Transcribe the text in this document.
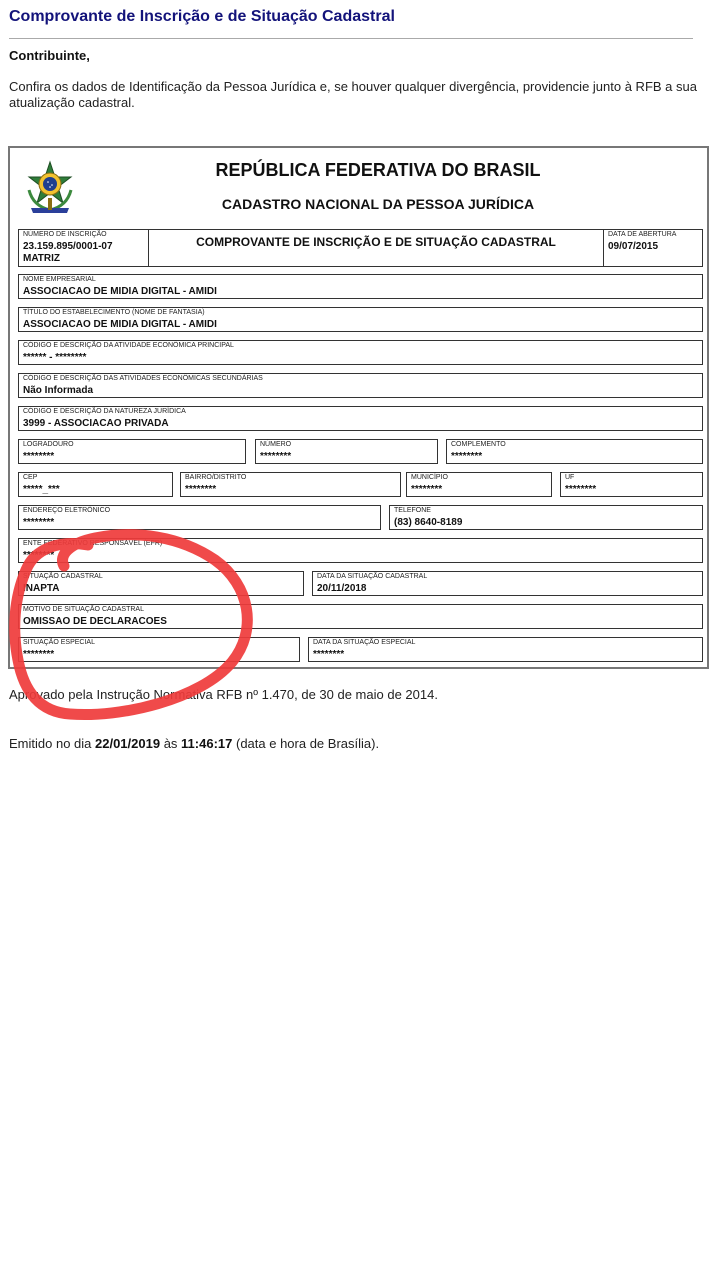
Comprovante de Inscrição e de Situação Cadastral
Contribuinte,
Confira os dados de Identificação da Pessoa Jurídica e, se houver qualquer divergência, providencie junto à RFB a sua atualização cadastral.
REPÚBLICA FEDERATIVA DO BRASIL
CADASTRO NACIONAL DA PESSOA JURÍDICA
NÚMERO DE INSCRIÇÃO
23.159.895/0001-07
MATRIZ
COMPROVANTE DE INSCRIÇÃO E DE SITUAÇÃO CADASTRAL
DATA DE ABERTURA
09/07/2015
NOME EMPRESARIAL
ASSOCIACAO DE MIDIA DIGITAL - AMIDI
TÍTULO DO ESTABELECIMENTO (NOME DE FANTASIA)
ASSOCIACAO DE MIDIA DIGITAL - AMIDI
CÓDIGO E DESCRIÇÃO DA ATIVIDADE ECONÔMICA PRINCIPAL
****** - ********
CÓDIGO E DESCRIÇÃO DAS ATIVIDADES ECONÔMICAS SECUNDÁRIAS
Não Informada
CÓDIGO E DESCRIÇÃO DA NATUREZA JURÍDICA
3999 - ASSOCIACAO PRIVADA
LOGRADOURO
********
NÚMERO
********
COMPLEMENTO
********
CEP
*****_***
BAIRRO/DISTRITO
********
MUNICÍPIO
********
UF
********
ENDEREÇO ELETRÔNICO
********
TELEFONE
(83) 8640-8189
ENTE FEDERATIVO RESPONSÁVEL (EFR)
********
SITUAÇÃO CADASTRAL
INAPTA
DATA DA SITUAÇÃO CADASTRAL
20/11/2018
MOTIVO DE SITUAÇÃO CADASTRAL
OMISSAO DE DECLARACOES
SITUAÇÃO ESPECIAL
********
DATA DA SITUAÇÃO ESPECIAL
********
Aprovado pela Instrução Normativa RFB nº 1.470, de 30 de maio de 2014.
Emitido no dia 22/01/2019 às 11:46:17 (data e hora de Brasília).
